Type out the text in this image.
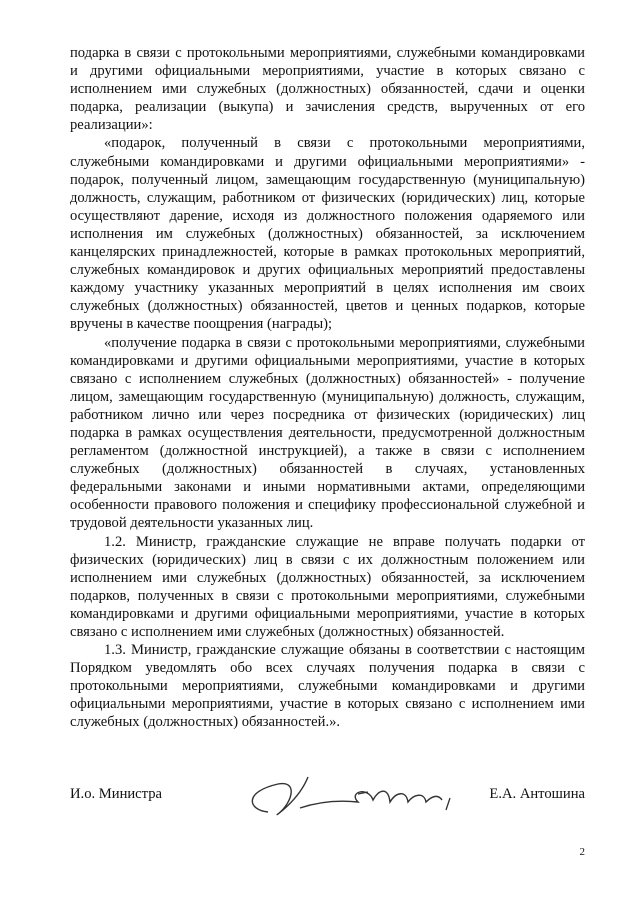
подарка в связи с протокольными мероприятиями, служебными командировками и другими официальными мероприятиями, участие в которых связано с исполнением ими служебных (должностных) обязанностей, сдачи и оценки подарка, реализации (выкупа) и зачисления средств, вырученных от его реализации»:

«подарок, полученный в связи с протокольными мероприятиями, служебными командировками и другими официальными мероприятиями» - подарок, полученный лицом, замещающим государственную (муниципальную) должность, служащим, работником от физических (юридических) лиц, которые осуществляют дарение, исходя из должностного положения одаряемого или исполнения им служебных (должностных) обязанностей, за исключением канцелярских принадлежностей, которые в рамках протокольных мероприятий, служебных командировок и других официальных мероприятий предоставлены каждому участнику указанных мероприятий в целях исполнения им своих служебных (должностных) обязанностей, цветов и ценных подарков, которые вручены в качестве поощрения (награды);

«получение подарка в связи с протокольными мероприятиями, служебными командировками и другими официальными мероприятиями, участие в которых связано с исполнением служебных (должностных) обязанностей» - получение лицом, замещающим государственную (муниципальную) должность, служащим, работником лично или через посредника от физических (юридических) лиц подарка в рамках осуществления деятельности, предусмотренной должностным регламентом (должностной инструкцией), а также в связи с исполнением служебных (должностных) обязанностей в случаях, установленных федеральными законами и иными нормативными актами, определяющими особенности правового положения и специфику профессиональной служебной и трудовой деятельности указанных лиц.

1.2. Министр, гражданские служащие не вправе получать подарки от физических (юридических) лиц в связи с их должностным положением или исполнением ими служебных (должностных) обязанностей, за исключением подарков, полученных в связи с протокольными мероприятиями, служебными командировками и другими официальными мероприятиями, участие в которых связано с исполнением ими служебных (должностных) обязанностей.

1.3. Министр, гражданские служащие обязаны в соответствии с настоящим Порядком уведомлять обо всех случаях получения подарка в связи с протокольными мероприятиями, служебными командировками и другими официальными мероприятиями, участие в которых связано с исполнением ими служебных (должностных) обязанностей.».

И.о. Министра	Е.А. Антошина
2
